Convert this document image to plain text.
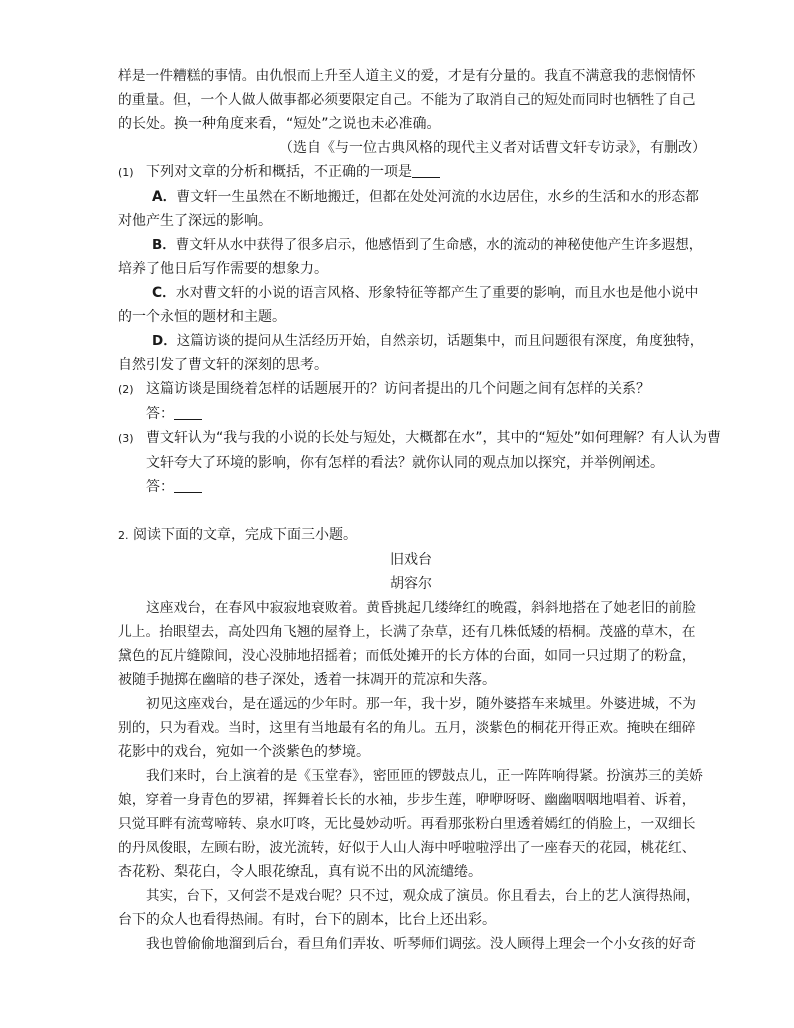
样是一件糟糕的事情。由仇恨而上升至人道主义的爱，才是有分量的。我直不满意我的悲悯情怀

的重量。但，一个人做人做事都必须要限定自己。不能为了取消自己的短处而同时也牺牲了自己

的长处。换一种角度来看，“短处”之说也未必准确。

（选自《与一位古典风格的现代主义者对话曹文轩专访录》，有删改）

(1) 下列对文章的分析和概括，不正确的一项是

A．曹文轩一生虽然在不断地搬迁，但都在处处河流的水边居住，水乡的生活和水的形态都

对他产生了深远的影响。

B．曹文轩从水中获得了很多启示，他感悟到了生命感，水的流动的神秘使他产生许多遐想，

培养了他日后写作需要的想象力。

C．水对曹文轩的小说的语言风格、形象特征等都产生了重要的影响，而且水也是他小说中

的一个永恒的题材和主题。

D．这篇访谈的提问从生活经历开始，自然亲切，话题集中，而且问题很有深度，角度独特，

自然引发了曹文轩的深刻的思考。

(2) 这篇访谈是围绕着怎样的话题展开的？访问者提出的几个问题之间有怎样的关系？

答：

(3) 曹文轩认为“我与我的小说的长处与短处，大概都在水”，其中的“短处”如何理解？有人认为曹

文轩夸大了环境的影响，你有怎样的看法？就你认同的观点加以探究，并举例阐述。

答：

2. 阅读下面的文章，完成下面三小题。

旧戏台

胡容尔

这座戏台，在春风中寂寂地衰败着。黄昏挑起几缕绛红的晚霞，斜斜地搭在了她老旧的前脸

儿上。抬眼望去，高处四角飞翘的屋脊上，长满了杂草，还有几株低矮的梧桐。茂盛的草木，在

黛色的瓦片缝隙间，没心没肺地招摇着；而低处摊开的长方体的台面，如同一只过期了的粉盒，

被随手抛掷在幽暗的巷子深处，透着一抹凋开的荒凉和失落。

初见这座戏台，是在遥远的少年时。那一年，我十岁，随外婆搭车来城里。外婆进城，不为

别的，只为看戏。当时，这里有当地最有名的角儿。五月，淡紫色的桐花开得正欢。掩映在细碎

花影中的戏台，宛如一个淡紫色的梦境。

我们来时，台上演着的是《玉堂春》，密匝匝的锣鼓点儿，正一阵阵响得紧。扮演苏三的美娇

娘，穿着一身青色的罗裙，挥舞着长长的水袖，步步生莲，咿咿呀呀、幽幽咽咽地唱着、诉着，

只觉耳畔有流莺啼转、泉水叮咚，无比曼妙动听。再看那张粉白里透着嫣红的俏脸上，一双细长

的丹凤俊眼，左顾右盼，波光流转，好似于人山人海中呼啦啦浮出了一座春天的花园，桃花红、

杏花粉、梨花白，令人眼花缭乱，真有说不出的风流缱绻。

其实，台下，又何尝不是戏台呢？只不过，观众成了演员。你且看去，台上的艺人演得热闹，

台下的众人也看得热闹。有时，台下的剧本，比台上还出彩。

我也曾偷偷地溜到后台，看旦角们弄妆、听琴师们调弦。没人顾得上理会一个小女孩的好奇
